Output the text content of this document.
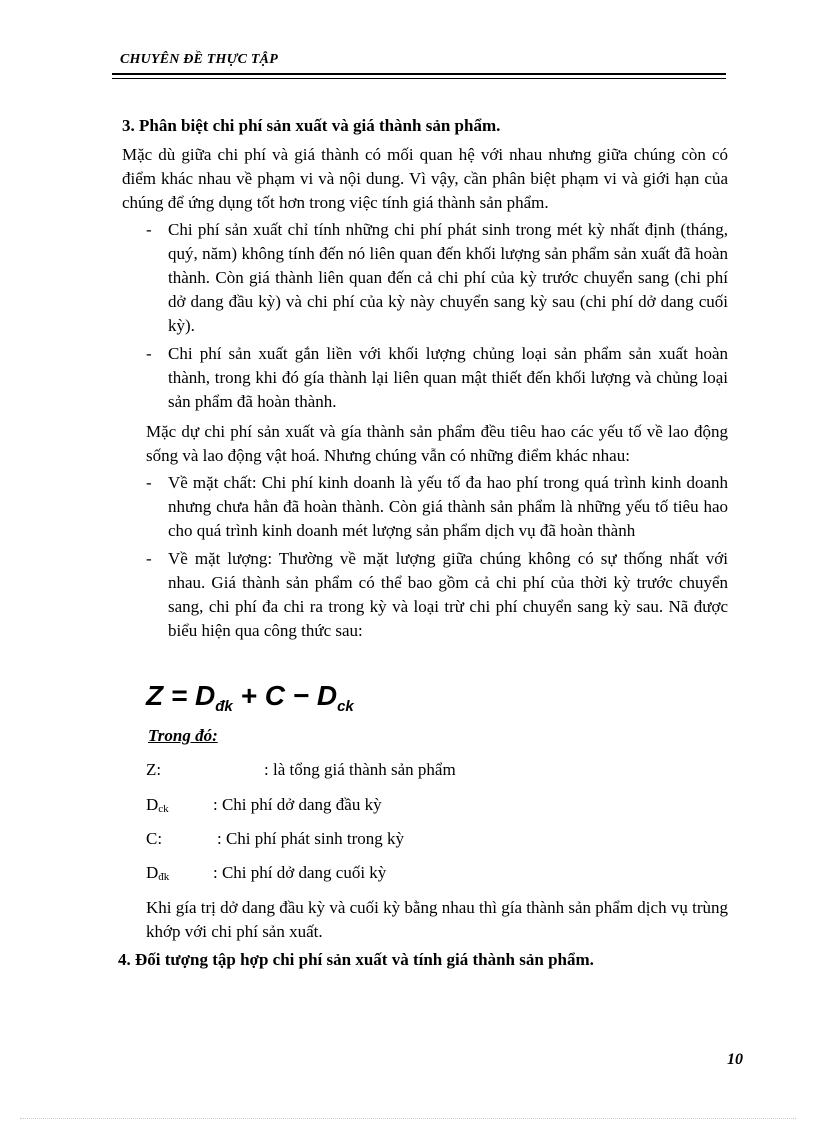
CHUYÊN ĐỀ THỰC TẬP
3. Phân biệt chi phí sản xuất và giá thành sản phẩm.
Mặc dù giữa chi phí và giá thành có mối quan hệ với nhau nhưng giữa chúng còn có điểm khác nhau về phạm vi và nội dung. Vì vậy, cần phân biệt phạm vi và giới hạn của chúng để ứng dụng tốt hơn trong việc tính giá thành sản phẩm.
- Chi phí sản xuất chỉ tính những chi phí phát sinh trong mét kỳ nhất định (tháng, quý, năm) không tính đến nó liên quan đến khối lượng sản phẩm sản xuất đã hoàn thành. Còn giá thành liên quan đến cả chi phí của kỳ trước chuyển sang (chi phí dở dang đầu kỳ) và chi phí của kỳ này chuyển sang kỳ sau (chi phí dở dang cuối kỳ).
- Chi phí sản xuất gắn liền với khối lượng chủng loại sản phẩm sản xuất hoàn thành, trong khi đó gía thành lại liên quan mật thiết đến khối lượng và chủng loại sản phẩm đã hoàn thành.
Mặc dự chi phí sản xuất và gía thành sản phẩm đều tiêu hao các yếu tố về lao động sống và lao động vật hoá. Nhưng chúng vẫn có những điểm khác nhau:
- Về mặt chất: Chi phí kinh doanh là yếu tố đa hao phí trong quá trình kinh doanh nhưng chưa hẳn đã hoàn thành. Còn giá thành sản phẩm là những yếu tố tiêu hao cho quá trình kinh doanh mét lượng sản phẩm dịch vụ đã hoàn thành
- Về mặt lượng: Thường về mặt lượng giữa chúng không có sự thống nhất với nhau. Giá thành sản phẩm có thể bao gồm cả chi phí của thời kỳ trước chuyển sang, chi phí đa chi ra trong kỳ và loại trừ chi phí chuyển sang kỳ sau. Nã được biểu hiện qua công thức sau:
$Z = D_{đk} + C - D_{ck}$
Trong đó:
Z:	: là tổng giá thành sản phẩm
$D_{ck}$	: Chi phí dở dang đầu kỳ
C:	: Chi phí phát sinh trong kỳ
$D_{đk}$	: Chi phí dở dang cuối kỳ
Khi gía trị dở dang đầu kỳ và cuối kỳ bằng nhau thì gía thành sản phẩm dịch vụ trùng khớp với chi phí sản xuất.
4. Đối tượng tập hợp chi phí sản xuất và tính giá thành sản phẩm.
10
